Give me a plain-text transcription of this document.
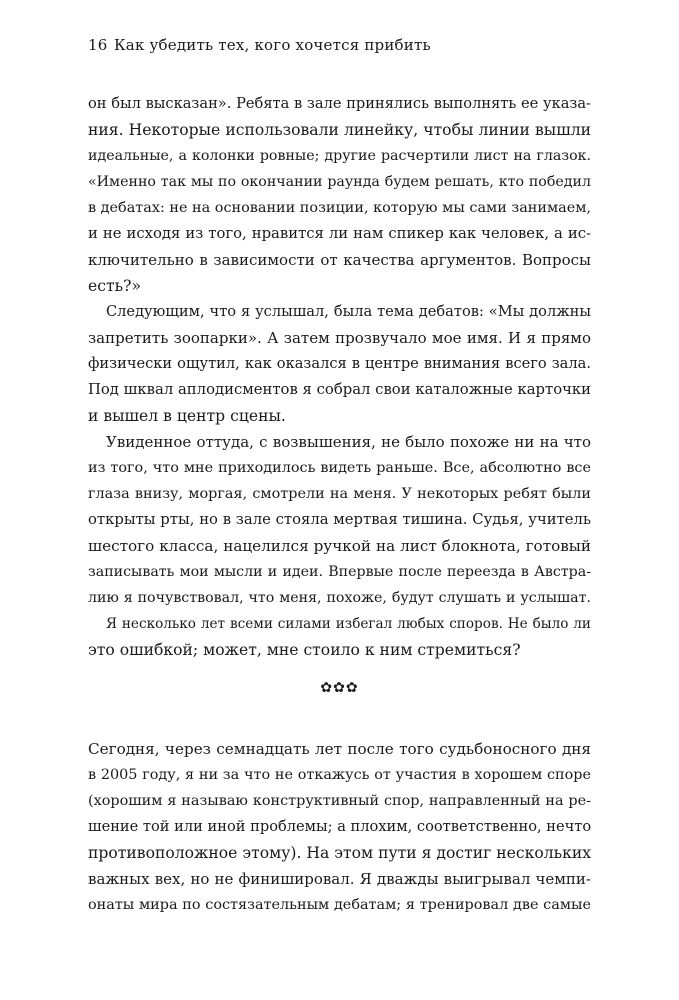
16 Как убедить тех, кого хочется прибить
он был высказан». Ребята в зале принялись выполнять ее указа-
ния. Некоторые использовали линейку, чтобы линии вышли
идеальные, а колонки ровные; другие расчертили лист на глазок.
«Именно так мы по окончании раунда будем решать, кто победил
в дебатах: не на основании позиции, которую мы сами занимаем,
и не исходя из того, нравится ли нам спикер как человек, а ис-
ключительно в зависимости от качества аргументов. Вопросы
есть?»
Следующим, что я услышал, была тема дебатов: «Мы должны
запретить зоопарки». А затем прозвучало мое имя. И я прямо
физически ощутил, как оказался в центре внимания всего зала.
Под шквал аплодисментов я собрал свои каталожные карточки
и вышел в центр сцены.
Увиденное оттуда, с возвышения, не было похоже ни на что
из того, что мне приходилось видеть раньше. Все, абсолютно все
глаза внизу, моргая, смотрели на меня. У некоторых ребят были
открыты рты, но в зале стояла мертвая тишина. Судья, учитель
шестого класса, нацелился ручкой на лист блокнота, готовый
записывать мои мысли и идеи. Впервые после переезда в Австра-
лию я почувствовал, что меня, похоже, будут слушать и услышат.
Я несколько лет всеми силами избегал любых споров. Не было ли
это ошибкой; может, мне стоило к ним стремиться?
✿✿✿
Сегодня, через семнадцать лет после того судьбоносного дня
в 2005 году, я ни за что не откажусь от участия в хорошем споре
(хорошим я называю конструктивный спор, направленный на ре-
шение той или иной проблемы; а плохим, соответственно, нечто
противоположное этому). На этом пути я достиг нескольких
важных вех, но не финишировал. Я дважды выигрывал чемпи-
онаты мира по состязательным дебатам; я тренировал две самые
